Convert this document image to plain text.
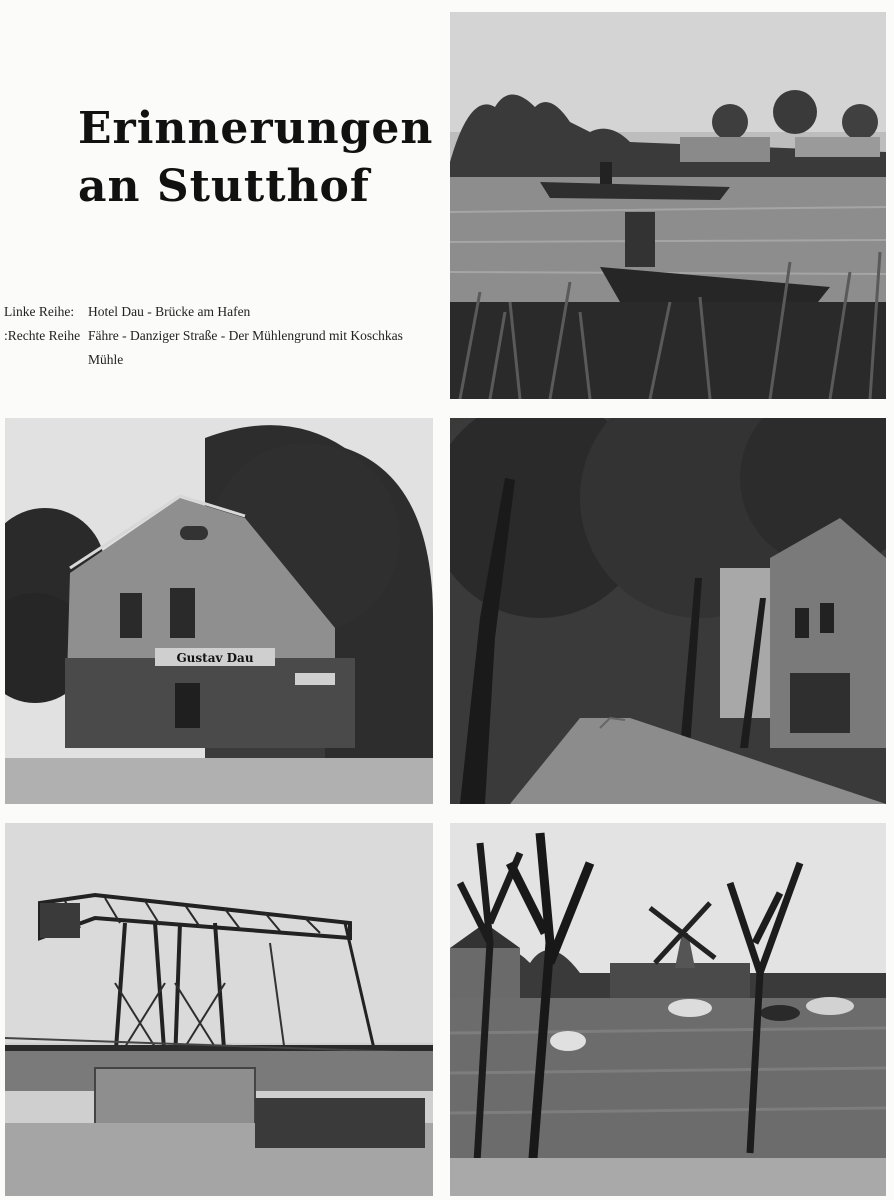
Erinnerungen
an Stutthof
Linke Reihe:	Hotel Dau - Brücke am Hafen
Rechte Reihe: Fähre - Danziger Straße - Der Mühlengrund mit Koschkas Mühle
Gustav Dau
